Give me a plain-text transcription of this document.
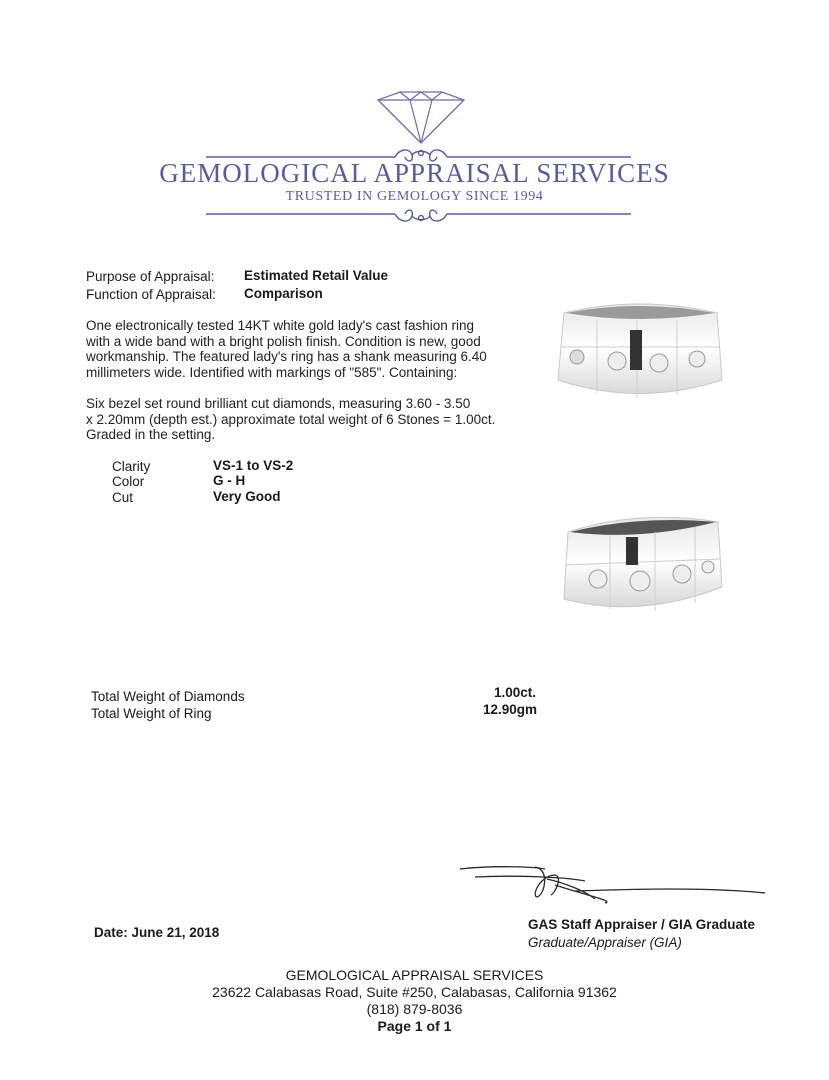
GEMOLOGICAL APPRAISAL SERVICES
TRUSTED IN GEMOLOGY SINCE 1994
Purpose of Appraisal: Estimated Retail Value
Function of Appraisal: Comparison

One electronically tested 14KT white gold lady's cast fashion ring

with a wide band with a bright polish finish. Condition is new, good

workmanship. The featured lady's ring has a shank measuring 6.40

millimeters wide. Identified with markings of "585". Containing:

Six bezel set round brilliant cut diamonds, measuring 3.60 - 3.50

x 2.20mm (depth est.) approximate total weight of 6 Stones = 1.00ct.

Graded in the setting.

Clarity	VS-1 to VS-2
Color	G - H
Cut	Very Good
Total Weight of Diamonds	1.00ct.
Total Weight of Ring	12.90gm
GAS Staff Appraiser / GIA Graduate
Graduate/Appraiser (GIA)
Date: June 21, 2018
GEMOLOGICAL APPRAISAL SERVICES
23622 Calabasas Road, Suite #250, Calabasas, California 91362
(818) 879-8036
Page 1 of 1
